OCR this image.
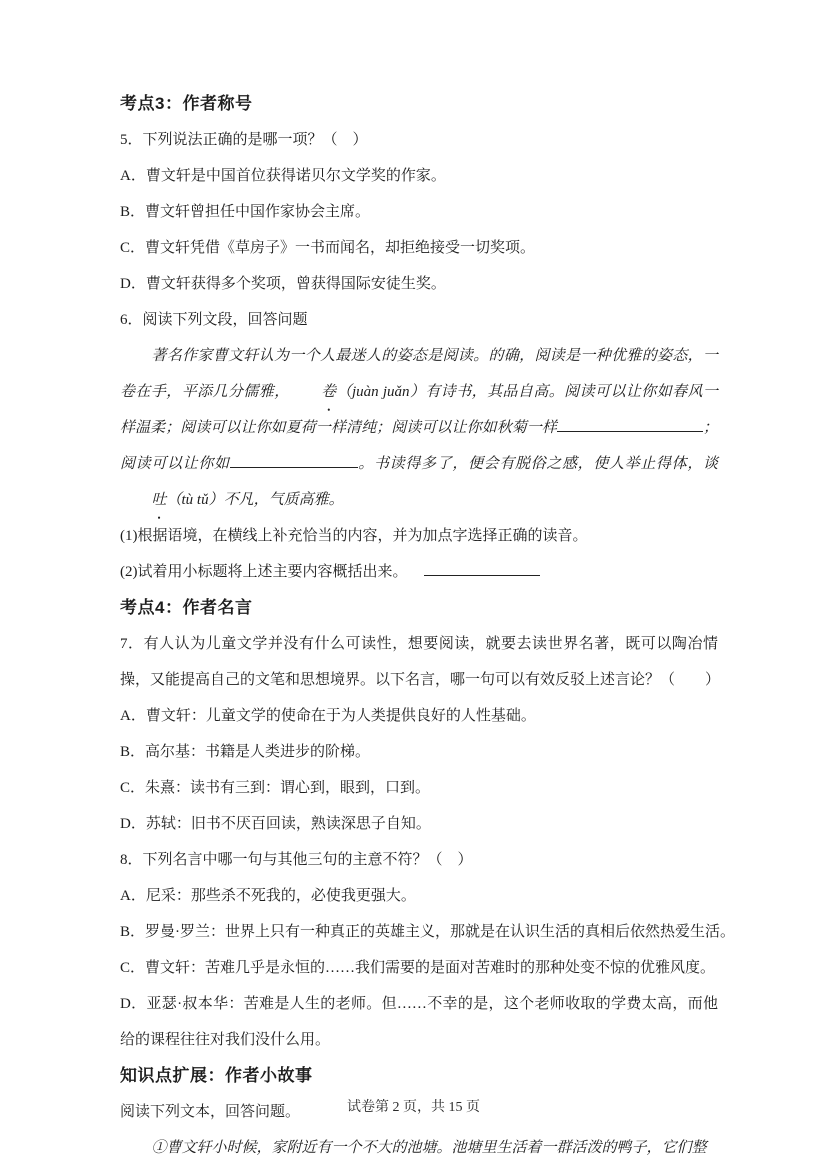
考点3：作者称号

5．下列说法正确的是哪一项？（　）

A．曹文轩是中国首位获得诺贝尔文学奖的作家。

B．曹文轩曾担任中国作家协会主席。

C．曹文轩凭借《草房子》一书而闻名，却拒绝接受一切奖项。

D．曹文轩获得多个奖项，曾获得国际安徒生奖。

6．阅读下列文段，回答问题

著名作家曹文轩认为一个人最迷人的姿态是阅读。的确，阅读是一种优雅的姿态，一卷在手，平添几分儒雅， 卷（juàn juǎn）有诗书，其品自高。阅读可以让你如春风一样温柔；阅读可以让你如夏荷一样清纯；阅读可以让你如秋菊一样	；阅读可以让你如	。书读得多了，便会有脱俗之感，使人举止得体，谈吐（tù tǔ）不凡，气质高雅。

(1)根据语境，在横线上补充恰当的内容，并为加点字选择正确的读音。

(2)试着用小标题将上述主要内容概括出来。

考点4：作者名言

7．有人认为儿童文学并没有什么可读性，想要阅读，就要去读世界名著，既可以陶冶情操，又能提高自己的文笔和思想境界。以下名言，哪一句可以有效反驳上述言论？（　　）

A．曹文轩：儿童文学的使命在于为人类提供良好的人性基础。

B．高尔基：书籍是人类进步的阶梯。

C．朱熹：读书有三到：谓心到，眼到，口到。

D．苏轼：旧书不厌百回读，熟读深思子自知。

8．下列名言中哪一句与其他三句的主意不符？（　）

A．尼采：那些杀不死我的，必使我更强大。

B．罗曼·罗兰：世界上只有一种真正的英雄主义，那就是在认识生活的真相后依然热爱生活。

C．曹文轩：苦难几乎是永恒的……我们需要的是面对苦难时的那种处变不惊的优雅风度。

D．亚瑟·叔本华：苦难是人生的老师。但……不幸的是，这个老师收取的学费太高，而他给的课程往往对我们没什么用。

知识点扩展：作者小故事

阅读下列文本，回答问题。

①曹文轩小时候，家附近有一个不大的池塘。池塘里生活着一群活泼的鸭子，它们整

试卷第 2 页，共 15 页
